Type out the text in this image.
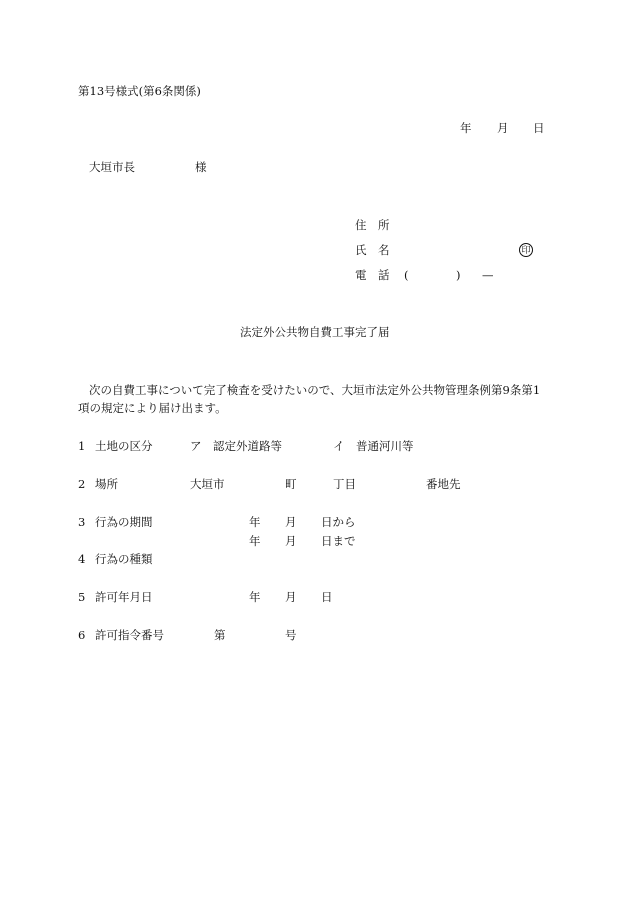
第13号様式(第6条関係)
年 月 日
大垣市長	様
住　所
氏　名	印
電　話 (	) —
法定外公共物自費工事完了届
次の自費工事について完了検査を受けたいので、大垣市法定外公共物管理条例第9条第1
項の規定により届け出ます。
1 土地の区分	ア　認定外道路等	イ　普通河川等
2 場所	大垣市	町	丁目	番地先
3 行為の期間	年 月 日から
年 月 日まで
4 行為の種類
5 許可年月日	年 月 日
6 許可指令番号	第	号
